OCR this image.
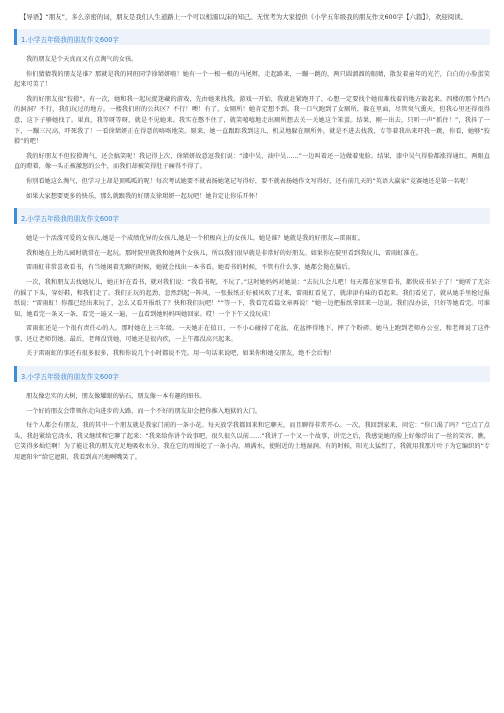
【导语】“朋友”，多么亲密的词，朋友是我们人生道路上一个可以相濡以沫的知己。无忧考为大家提供《小学五年级我的朋友作文600字【六篇】》，欢迎阅读。
1.小学五年级我的朋友作文600字

我的朋友是个天真而又有点淘气的女孩。

你们猜猜我的朋友是谁？那就是我的同班同学徐珺妍啦！她有一个一根一根的马尾辫，走起路来，一蹦一跳的，两只圆溜溜的眼睛，散发着童年的光芒，白白的小脸蛋笑起来可美了！

我的好朋友很“狡猾”。有一次，她和我一起玩捉迷藏的游戏，先由她来找我。游戏一开始，我就赶紧跑开了，心想一定要找个她很难找着的地方躲起来。四楼的那个凹凸的洞洞？不行，我们玩过的地方。一楼我们班的公共区？不行！噢！有了，女厕所！她肯定想不到。我一口气跑到了女厕所，躲在里面，尽管臭气熏天，但我心里还得很得意，这下子够她找了。果真，我等呀等呀，就是不见她来。我实在憋不住了，就笑嘻嘻地走出厕所想去关一关她这个笨蛋。结果，刚一出去，只听一声“抓住！”，我抖了一下，一蹦三尺高，吓死我了！一看徐珺妍正在得意的咯咯地笑。原来，她一直跟踪我到这儿，机灵地躲在厕所外，就是不进去找我，专等着我出来吓我一跳，你看，她够“狡猾”的吧！

我的好朋友不但狡猾淘气，还会搞笑呢！我记得上次，徐珺妍故意逗我们说：“漆中吴，油中吴……”一边叫着还一边做着鬼脸。结果，漆中吴气得脸都涨得通红，两眼直直的瞪着，像一头正被激怒的公牛，而我们却被笑得肚子痛得不得了。

你别看她这么淘气，但学习上却是顶呱呱的呢！每次考试她要不就表扬她笔记写得好，要不就表扬她作文写得好，还有前几天的“英语大赢家”竞赛她还是第一名呢！

如果大家想要更多的快乐，那么就跟我的好朋友徐珺妍一起玩吧！她肯定让你乐开怀！

2.小学五年级我的朋友作文600字

她是一个活泼可爱的女孩儿,她是一个成绩优异的女孩儿,她是一个积极向上的女孩儿。她是谁？她就是我的好朋友—雷雨虹。

我和她在上幼儿园时就常在一起玩。那时院里就我和她两个女孩儿，所以我们很早就是非常好的好朋友。如果你在院里看到我玩儿，雷雨虹准在。

雷雨虹非常喜欢看书，有当她闲着无聊的时候，她就会找出一本书看。她看书的时候，不管有什么事，她都会抛在脑后。

一次，我和朋友去找她玩儿，她正好在看书，就对我们说：“我看书呢，不玩了。”这时她妈妈对她说：“去玩儿会儿吧！每天都在家里看书，都快成书呆子了！”她听了无奈的摇了下头，穿好鞋，和我们走了。我们正玩的起劲，忽然到起一阵风，一张报纸正好被风吹了过来，雷雨虹看见了，就津津有味的看起来。我们看见了，就从她手里抢过报纸说：“雷雨虹！你都已经出来玩了，怎么又看开报纸了？快和我们玩吧！”“等一下，我看完看篇文章再说！”她一边把报纸拿回来一边说。我们没办法，只好等她看完。可谁知，她看完一条又一条，看完一遍又一遍，一直看到她妈妈叫她回家。哎！一个下午又没玩成！

雷雨虹还是一个很有责任心的人。那时她在上三年级。一天她正在值日，一不小心碰掉了花盆，花盆摔得地下，摔了个粉碎。她马上跑到老师办公室，和老师说了这件事，还让老师罚她。最后，老师没罚她，可她还是很内疚，一上午都没高兴起来。

关于雷雨虹的事还有很多很多，我和你说几个小时都说不完。用一句话来说吧，如果你和她交朋友，绝不会后悔！

3.小学五年级我的朋友作文600字

朋友像忠实的大树，朋友像耀眼的钻石，朋友像一本有趣的图书。

一个好的朋友会带领你走向进步的大路，而一个不好的朋友却会把你推入地狱的大门。

每个人都会有朋友，我的其中一个朋友就是我家门前的一条小花。每天放学我都回来和它聊天，而且聊得非常开心。一次，我回到家来，问它：“你口渴了吗？”它点了点头，我赶紧给它浇水，我又继续和它聊了起来：“我来给你讲个故事吧，很久很久以前……”我讲了一个又一个故事，讲完之后，我感觉她的脸上好像浮出了一丝的笑容，瞧，它笑得多灿烂啊！为了能让我的朋友充足地吸收水分，我在它的周围挖了一条小沟，填满水，使附近的土地湿润。有的时候，阳光太猛烈了，我就用我那片叶子为它编织的“专用遮阳伞”给它遮阳，我看到高兴地咧嘴笑了。
